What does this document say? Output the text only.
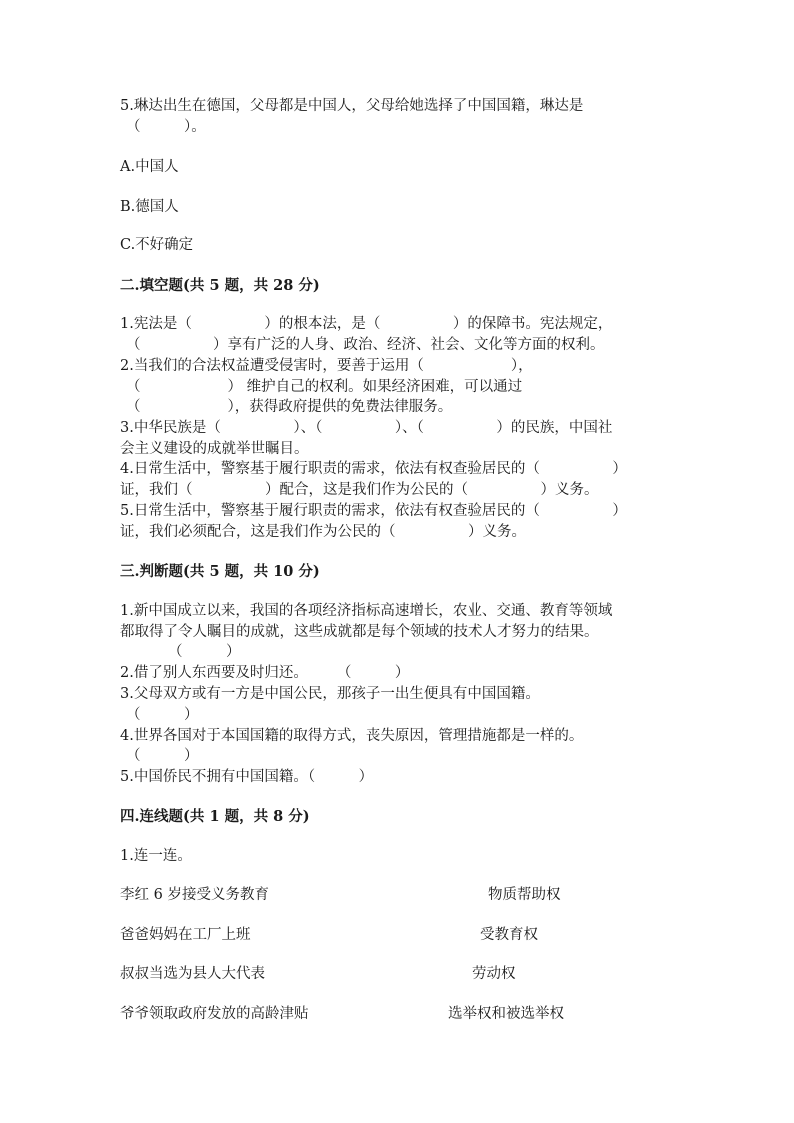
5.琳达出生在德国，父母都是中国人，父母给她选择了中国国籍，琳达是
（　　　）。
A.中国人
B.德国人
C.不好确定
二.填空题(共 5 题，共 28 分)
1.宪法是（　　　　　）的根本法，是（　　　　　）的保障书。宪法规定，
（　　　　　）享有广泛的人身、政治、经济、社会、文化等方面的权利。
2.当我们的合法权益遭受侵害时，要善于运用（　　　　　　），
（　　　　　　） 维护自己的权利。如果经济困难，可以通过
（　　　　　　），获得政府提供的免费法律服务。
3.中华民族是（　　　　　）、（　　　　　）、（　　　　　）的民族，中国社
会主义建设的成就举世瞩目。
4.日常生活中，警察基于履行职责的需求，依法有权查验居民的（　　　　　）
证，我们（　　　　　）配合，这是我们作为公民的（　　　　　）义务。
5.日常生活中，警察基于履行职责的需求，依法有权查验居民的（　　　　　）
证，我们必须配合，这是我们作为公民的（　　　　　）义务。
三.判断题(共 5 题，共 10 分)
1.新中国成立以来，我国的各项经济指标高速增长，农业、交通、教育等领域
都取得了令人瞩目的成就，这些成就都是每个领域的技术人才努力的结果。
（　　　）
2.借了别人东西要及时归还。　　　（　　　）
3.父母双方或有一方是中国公民，那孩子一出生便具有中国国籍。
（　　　）
4.世界各国对于本国国籍的取得方式，丧失原因，管理措施都是一样的。
（　　　）
5.中国侨民不拥有中国国籍。（　　　）
四.连线题(共 1 题，共 8 分)
1.连一连。
李红 6 岁接受义务教育	物质帮助权
爸爸妈妈在工厂上班	受教育权
叔叔当选为县人大代表	劳动权
爷爷领取政府发放的高龄津贴	选举权和被选举权
